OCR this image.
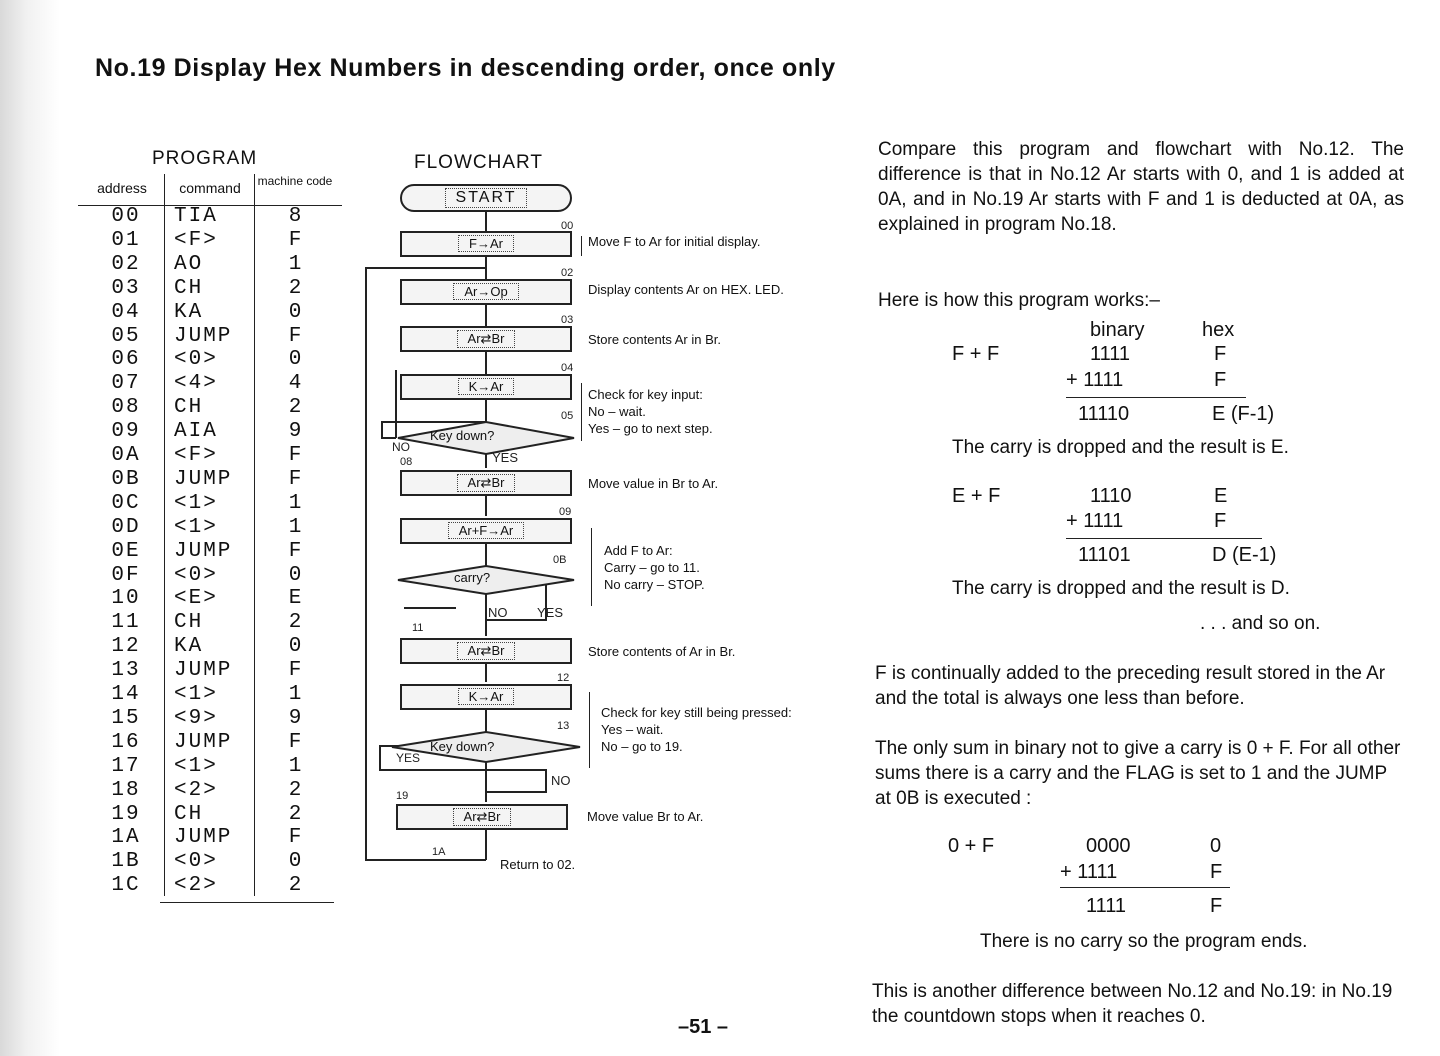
No.19 Display Hex Numbers in descending order, once only
PROGRAM
address	command	machine code
00	TIA	8
01	<F>	F
02	AO	1
03	CH	2
04	KA	0
05	JUMP	F
06	<0>	0
07	<4>	4
08	CH	2
09	AIA	9
0A	<F>	F
0B	JUMP	F
0C	<1>	1
0D	<1>	1
0E	JUMP	F
0F	<0>	0
10	<E>	E
11	CH	2
12	KA	0
13	JUMP	F
14	<1>	1
15	<9>	9
16	JUMP	F
17	<1>	1
18	<2>	2
19	CH	2
1A	JUMP	F
1B	<0>	0
1C	<2>	2
FLOWCHART
START
F→Ar
Ar→Op
Ar⇄Br
K→Ar
Key down?
Ar⇄Br
Ar+F→Ar
carry?
Ar⇄Br
K→Ar
Key down?
Ar⇄Br
00
02
03
04
05
08
09
0B
11
12
13
19
1A
NO
YES
NO YES
YES
NO
Move F to Ar for initial display.
Display contents Ar on HEX. LED.
Store contents Ar in Br.
Check for key input:
No – wait.
Yes – go to next step.
Move value in Br to Ar.
Add F to Ar:
Carry – go to 11.
No carry – STOP.
Store contents of Ar in Br.
Check for key still being pressed:
Yes – wait.
No – go to 19.
Move value Br to Ar.
Return to 02.
Compare this program and flowchart with No.12. The difference is that in No.12 Ar starts with 0, and 1 is added at 0A, and in No.19 Ar starts with F and 1 is deducted at 0A, as explained in program No.18.
Here is how this program works:–
binary	hex
F + F	1111	F
+ 1111	F
11110	E (F-1)
The carry is dropped and the result is E.
E + F	1110	E
+ 1111	F
11101	D (E-1)
The carry is dropped and the result is D.
. . . and so on.
F is continually added to the preceding result stored in the Ar and the total is always one less than before.
The only sum in binary not to give a carry is 0 + F. For all other sums there is a carry and the FLAG is set to 1 and the JUMP at 0B is executed :
0 + F	0000	0
+ 1111	F
1111	F
There is no carry so the program ends.
This is another difference between No.12 and No.19: in No.19 the countdown stops when it reaches 0.
–51 –
